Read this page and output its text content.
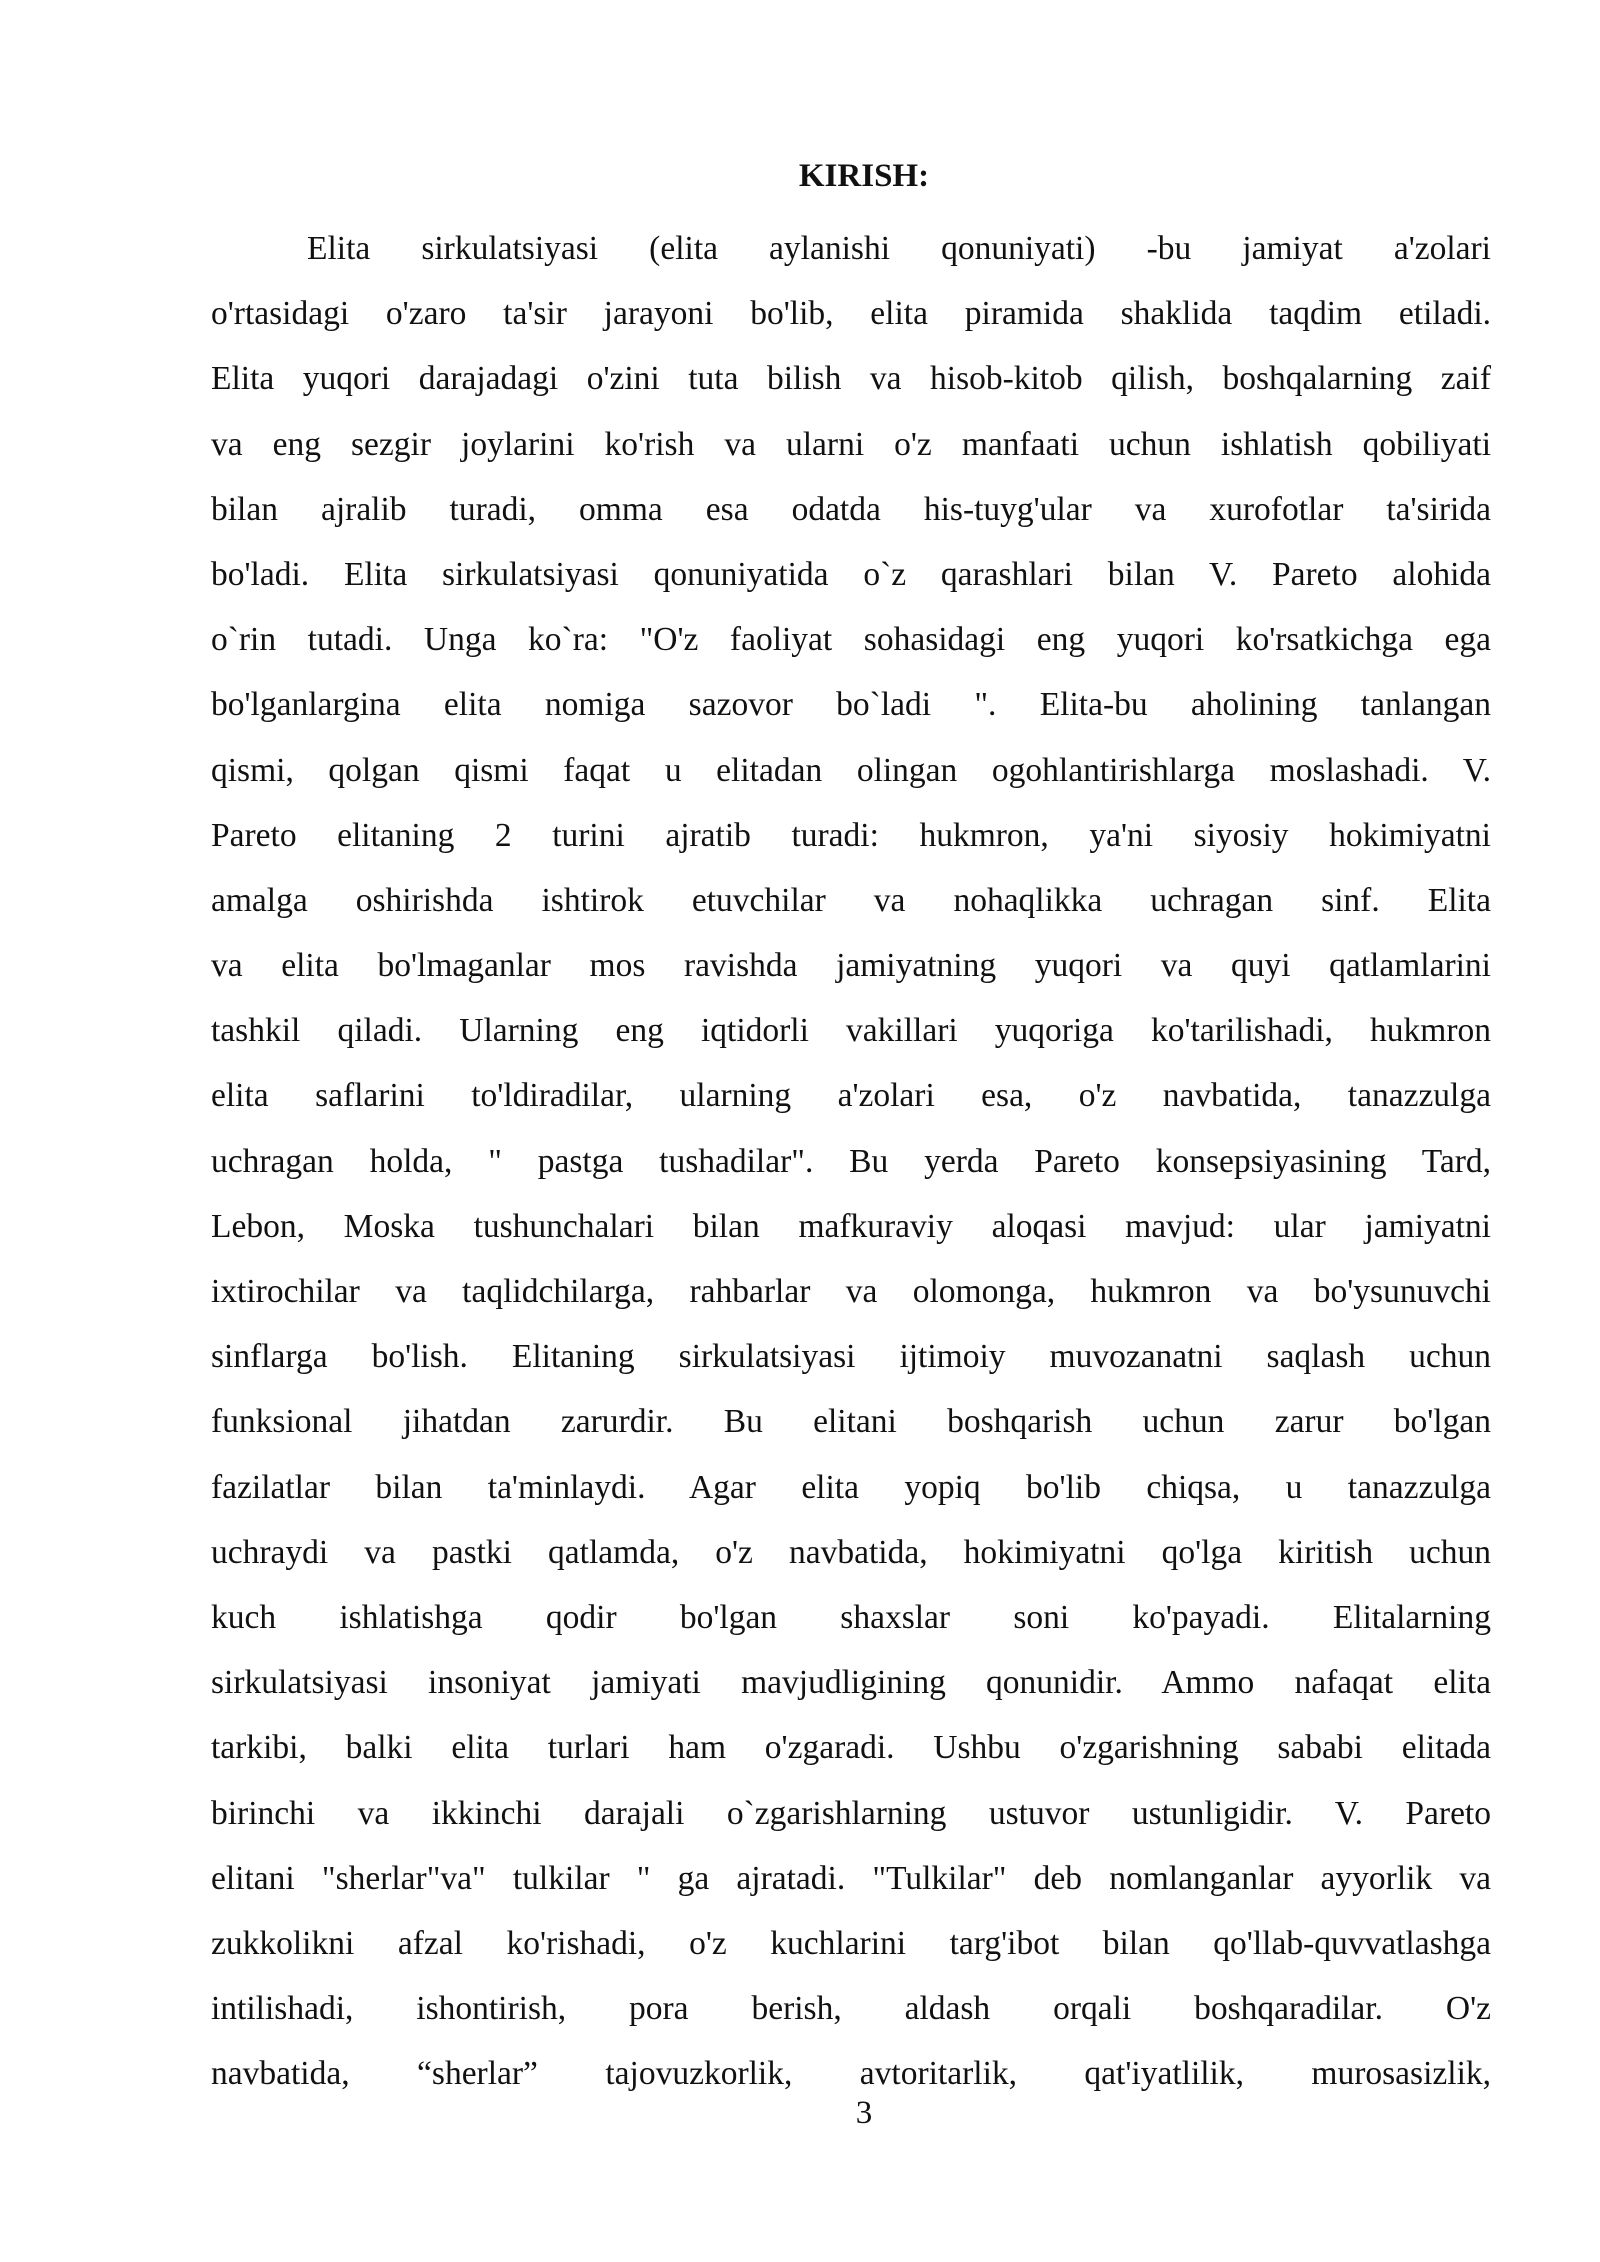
KIRISH:
Elita sirkulatsiyasi (elita aylanishi qonuniyati) -bu jamiyat a'zolari
o'rtasidagi o'zaro ta'sir jarayoni bo'lib, elita piramida shaklida taqdim etiladi.
Elita yuqori darajadagi o'zini tuta bilish va hisob-kitob qilish, boshqalarning zaif
va eng sezgir joylarini ko'rish va ularni o'z manfaati uchun ishlatish qobiliyati
bilan ajralib turadi, omma esa odatda his-tuyg'ular va xurofotlar ta'sirida
bo'ladi. Elita sirkulatsiyasi qonuniyatida o`z qarashlari bilan V. Pareto alohida
o`rin tutadi. Unga ko`ra: "O'z faoliyat sohasidagi eng yuqori ko'rsatkichga ega
bo'lganlargina elita nomiga sazovor bo`ladi ". Elita-bu aholining tanlangan
qismi, qolgan qismi faqat u elitadan olingan ogohlantirishlarga moslashadi. V.
Pareto elitaning 2 turini ajratib turadi: hukmron, ya'ni siyosiy hokimiyatni
amalga oshirishda ishtirok etuvchilar va nohaqlikka uchragan sinf. Elita
va elita bo'lmaganlar mos ravishda jamiyatning yuqori va quyi qatlamlarini
tashkil qiladi. Ularning eng iqtidorli vakillari yuqoriga ko'tarilishadi, hukmron
elita saflarini to'ldiradilar, ularning a'zolari esa, o'z navbatida, tanazzulga
uchragan holda, " pastga tushadilar". Bu yerda Pareto konsepsiyasining Tard,
Lebon, Moska tushunchalari bilan mafkuraviy aloqasi mavjud: ular jamiyatni
ixtirochilar va taqlidchilarga, rahbarlar va olomonga, hukmron va bo'ysunuvchi
sinflarga bo'lish. Elitaning sirkulatsiyasi ijtimoiy muvozanatni saqlash uchun
funksional jihatdan zarurdir. Bu elitani boshqarish uchun zarur bo'lgan
fazilatlar bilan ta'minlaydi. Agar elita yopiq bo'lib chiqsa, u tanazzulga
uchraydi va pastki qatlamda, o'z navbatida, hokimiyatni qo'lga kiritish uchun
kuch ishlatishga qodir bo'lgan shaxslar soni ko'payadi. Elitalarning
sirkulatsiyasi insoniyat jamiyati mavjudligining qonunidir. Ammo nafaqat elita
tarkibi, balki elita turlari ham o'zgaradi. Ushbu o'zgarishning sababi elitada
birinchi va ikkinchi darajali o`zgarishlarning ustuvor ustunligidir. V. Pareto
elitani "sherlar"va" tulkilar " ga ajratadi. "Tulkilar" deb nomlanganlar ayyorlik va
zukkolikni afzal ko'rishadi, o'z kuchlarini targ'ibot bilan qo'llab-quvvatlashga
intilishadi, ishontirish, pora berish, aldash orqali boshqaradilar. O'z
navbatida, “sherlar” tajovuzkorlik, avtoritarlik, qat'iyatlilik, murosasizlik,
3
